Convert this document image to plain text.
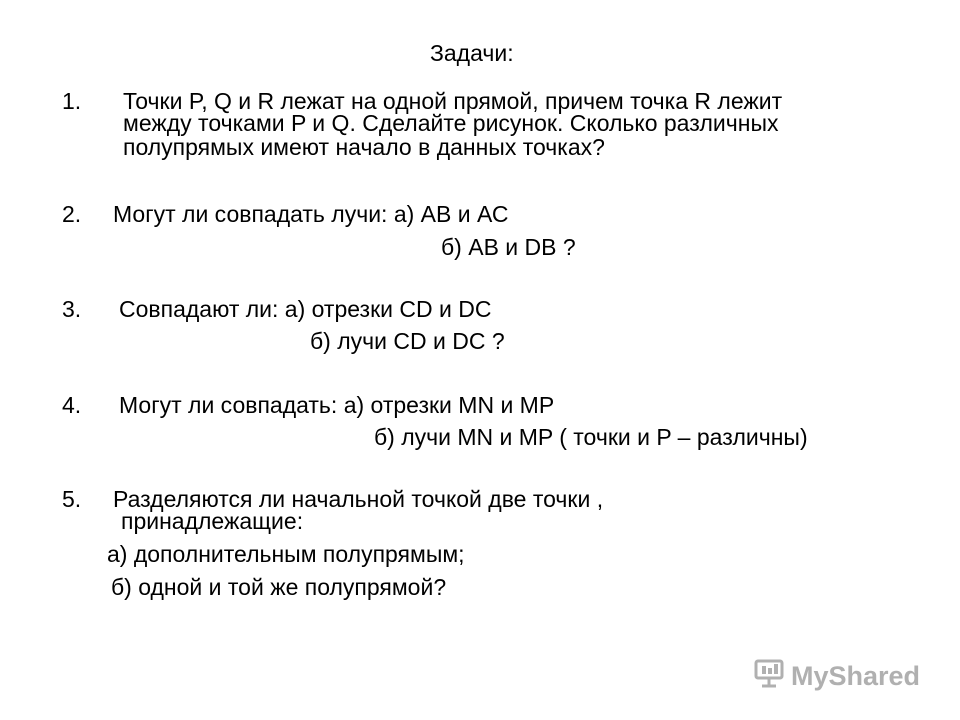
Задачи:
1. Точки P, Q и R лежат на одной прямой, причем точка R лежит
между точками P и Q. Сделайте рисунок. Сколько различных
полупрямых имеют начало в данных точках?
2. Могут ли совпадать лучи: а) АВ и АС
б) АВ и DВ ?
3. Совпадают ли: а) отрезки CD и DC
б) лучи CD и DC ?
4. Могут ли совпадать: а) отрезки MN и MP
б) лучи MN и MP ( точки и P – различны)
5. Разделяются ли начальной точкой две точки ,
принадлежащие:
а) дополнительным полупрямым;
б) одной и той же полупрямой?
MyShared
